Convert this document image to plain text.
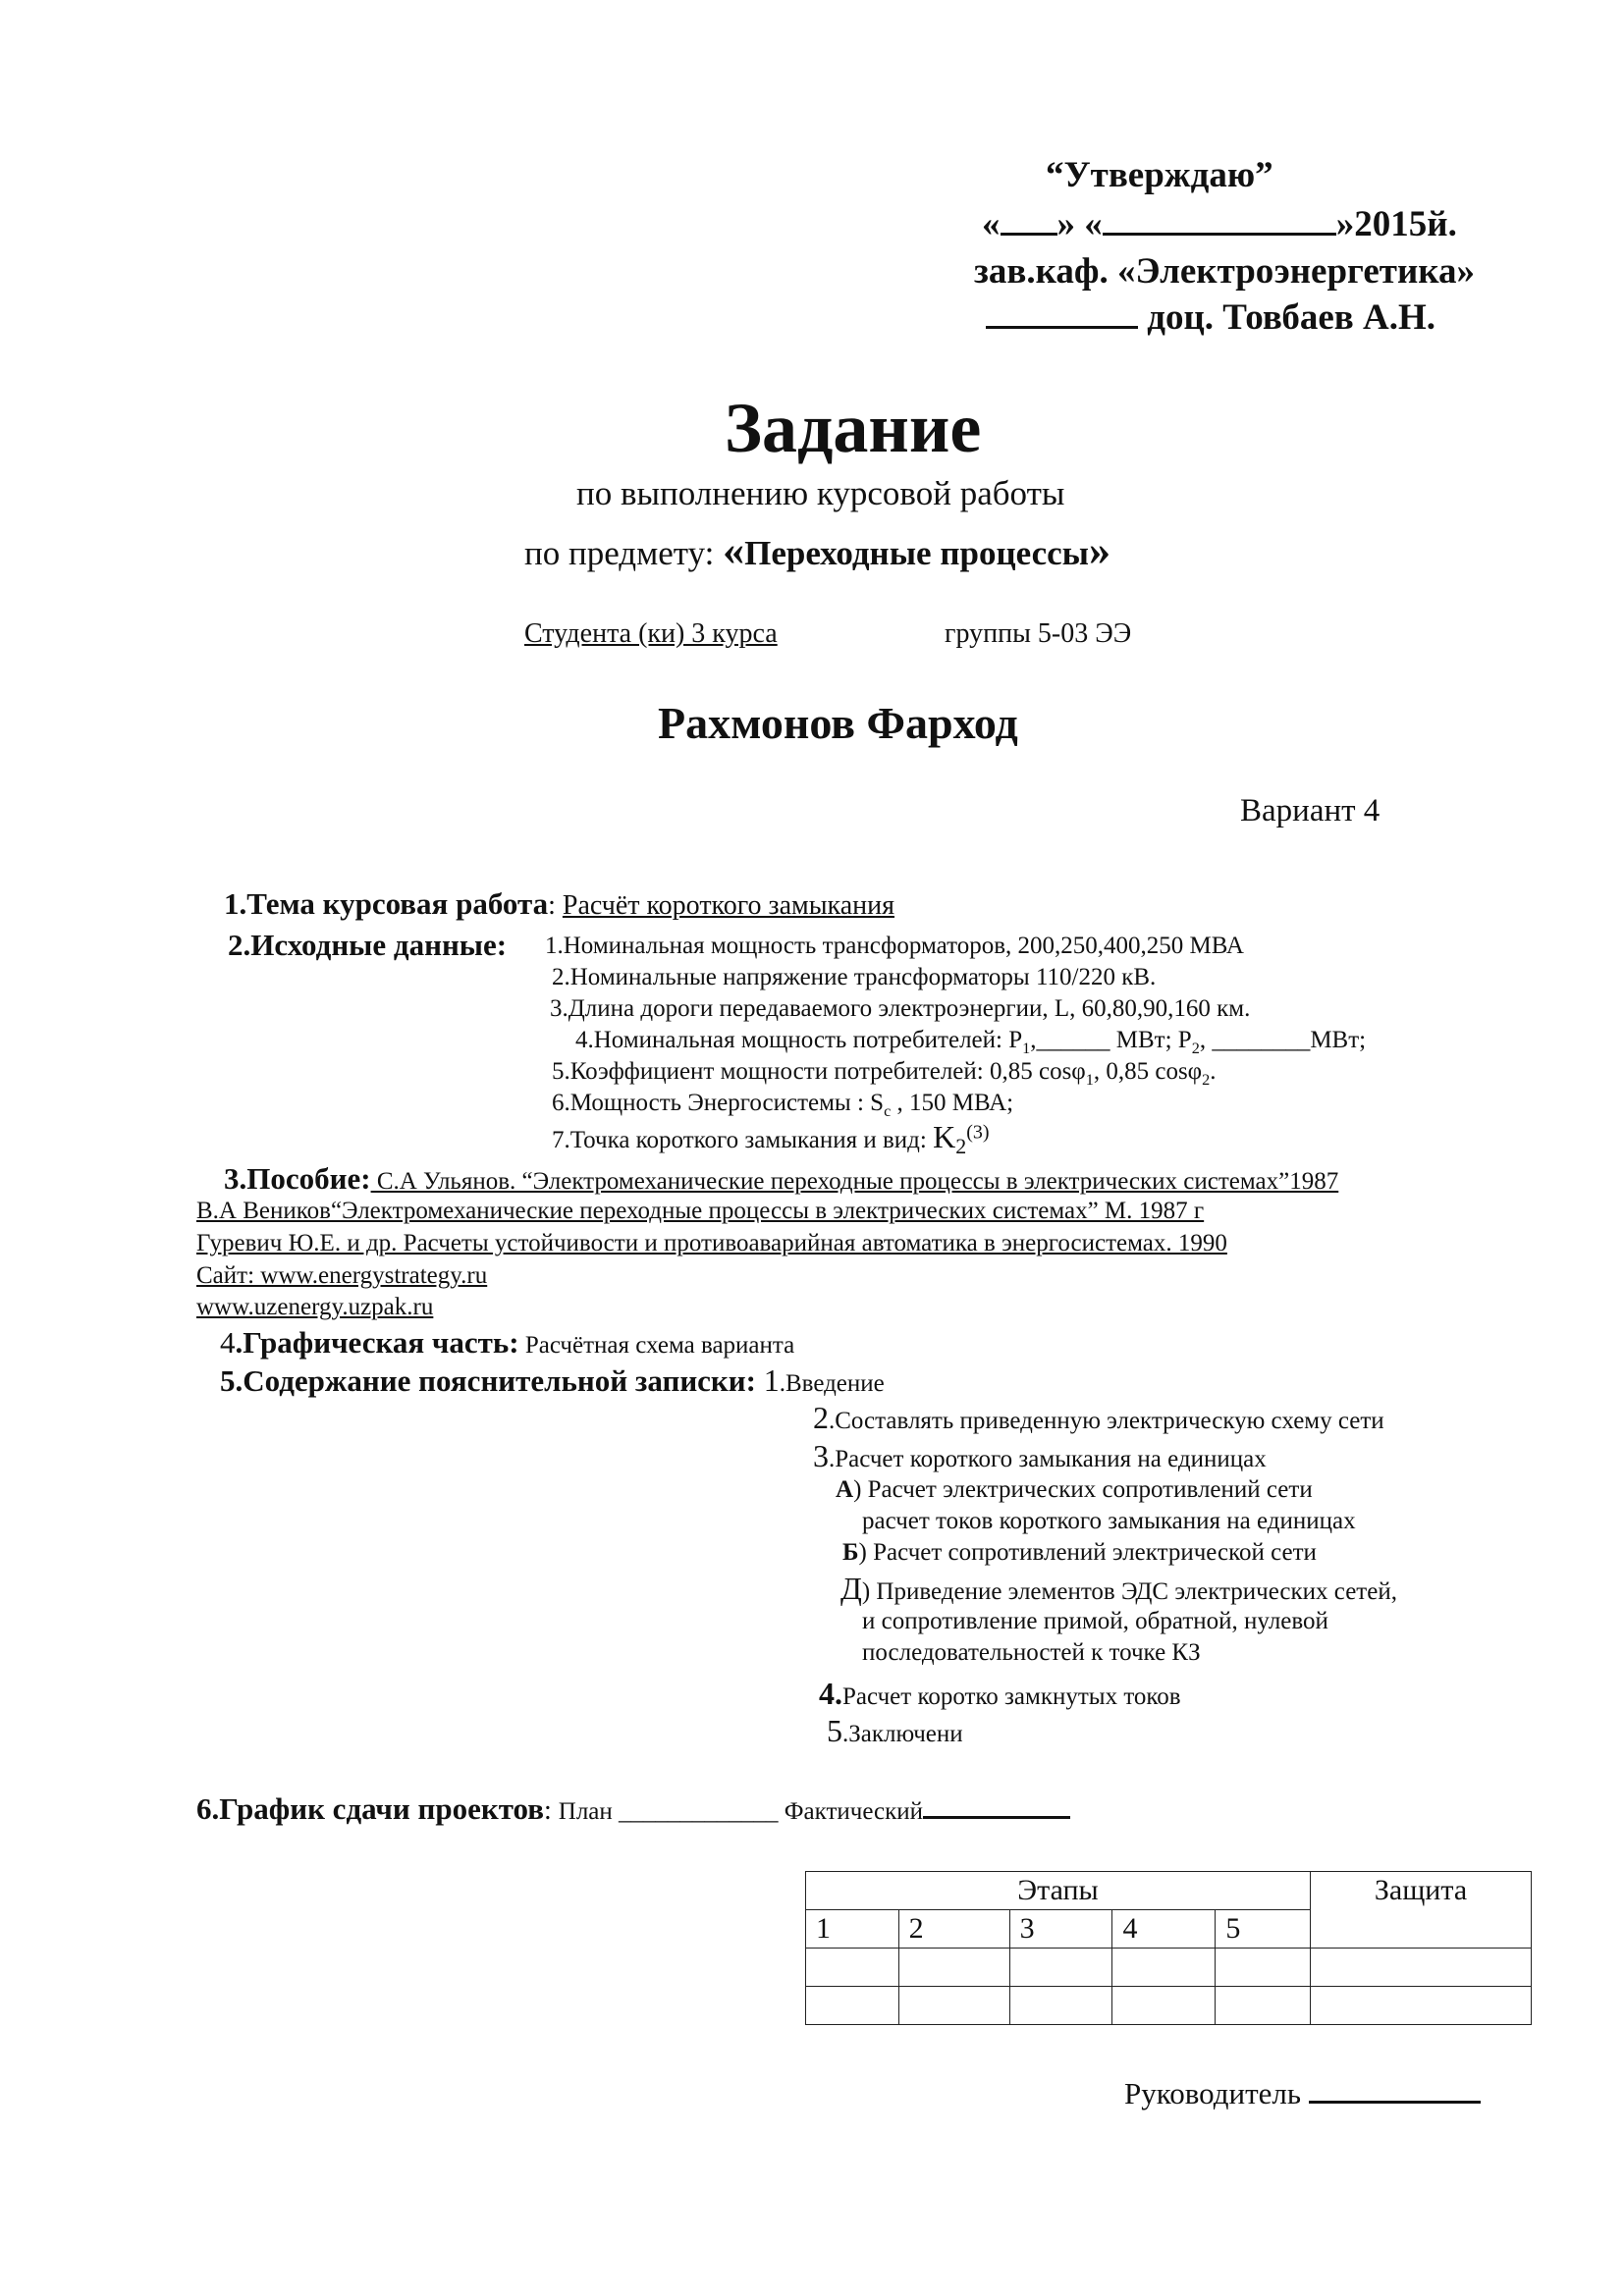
“Утверждаю”
« » «	»2015й.
зав.каф. «Электроэнергетика»
доц. Товбаев А.Н.
Задание
по выполнению курсовой работы
по предмету: «Переходные процессы»
Студента (ки) 3 курса	группы 5-03 ЭЭ
Рахмонов Фарход
Вариант 4
1.Тема курсовая работа: Расчёт короткого замыкания
2.Исходные данные: 1.Номинальная мощность трансформаторов, 200,250,400,250 МВА
2.Номинальные напряжение трансформаторы 110/220 кВ.
3.Длина дороги передаваемого электроэнергии, L, 60,80,90,160 км.
4.Номинальная мощность потребителей: $P_1,\_\_\_\_\_\_$ МВт; $P_2$, ________МВт;
5.Коэффициент мощности потребителей: 0,85 cosφ$_1$, 0,85 cosφ$_2$.
6.Мощность Энергосистемы : $S_c$ , 150 МВА;
7.Точка короткого замыкания и вид: $K_2^{(3)}$
3.Пособие: С.А Ульянов. “Электромеханические переходные процессы в электрических системах”1987
В.А Веников“Электромеханические переходные процессы в электрических системах” М. 1987 г
Гуревич Ю.Е. и др. Расчеты устойчивости и противоаварийная автоматика в энергосистемах. 1990
Сайт: www.energystrategy.ru
www.uzenergy.uzpak.ru
4.Графическая часть: Расчётная схема варианта
5.Содержание пояснительной записки: 1.Введение
2.Составлять приведенную электрическую схему сети
3.Расчет короткого замыкания на единицах
А) Расчет электрических сопротивлений сети
расчет токов короткого замыкания на единицах
Б) Расчет сопротивлений электрической сети
Д) Приведение элементов ЭДС электрических сетей,
и сопротивление примой, обратной, нулевой
последовательностей к точке КЗ
4.Расчет коротко замкнутых токов
5.Заключени
6.График сдачи проектов: План _____________ Фактический
Этапы					Защита
1	2	3	4	5	

Руководитель
